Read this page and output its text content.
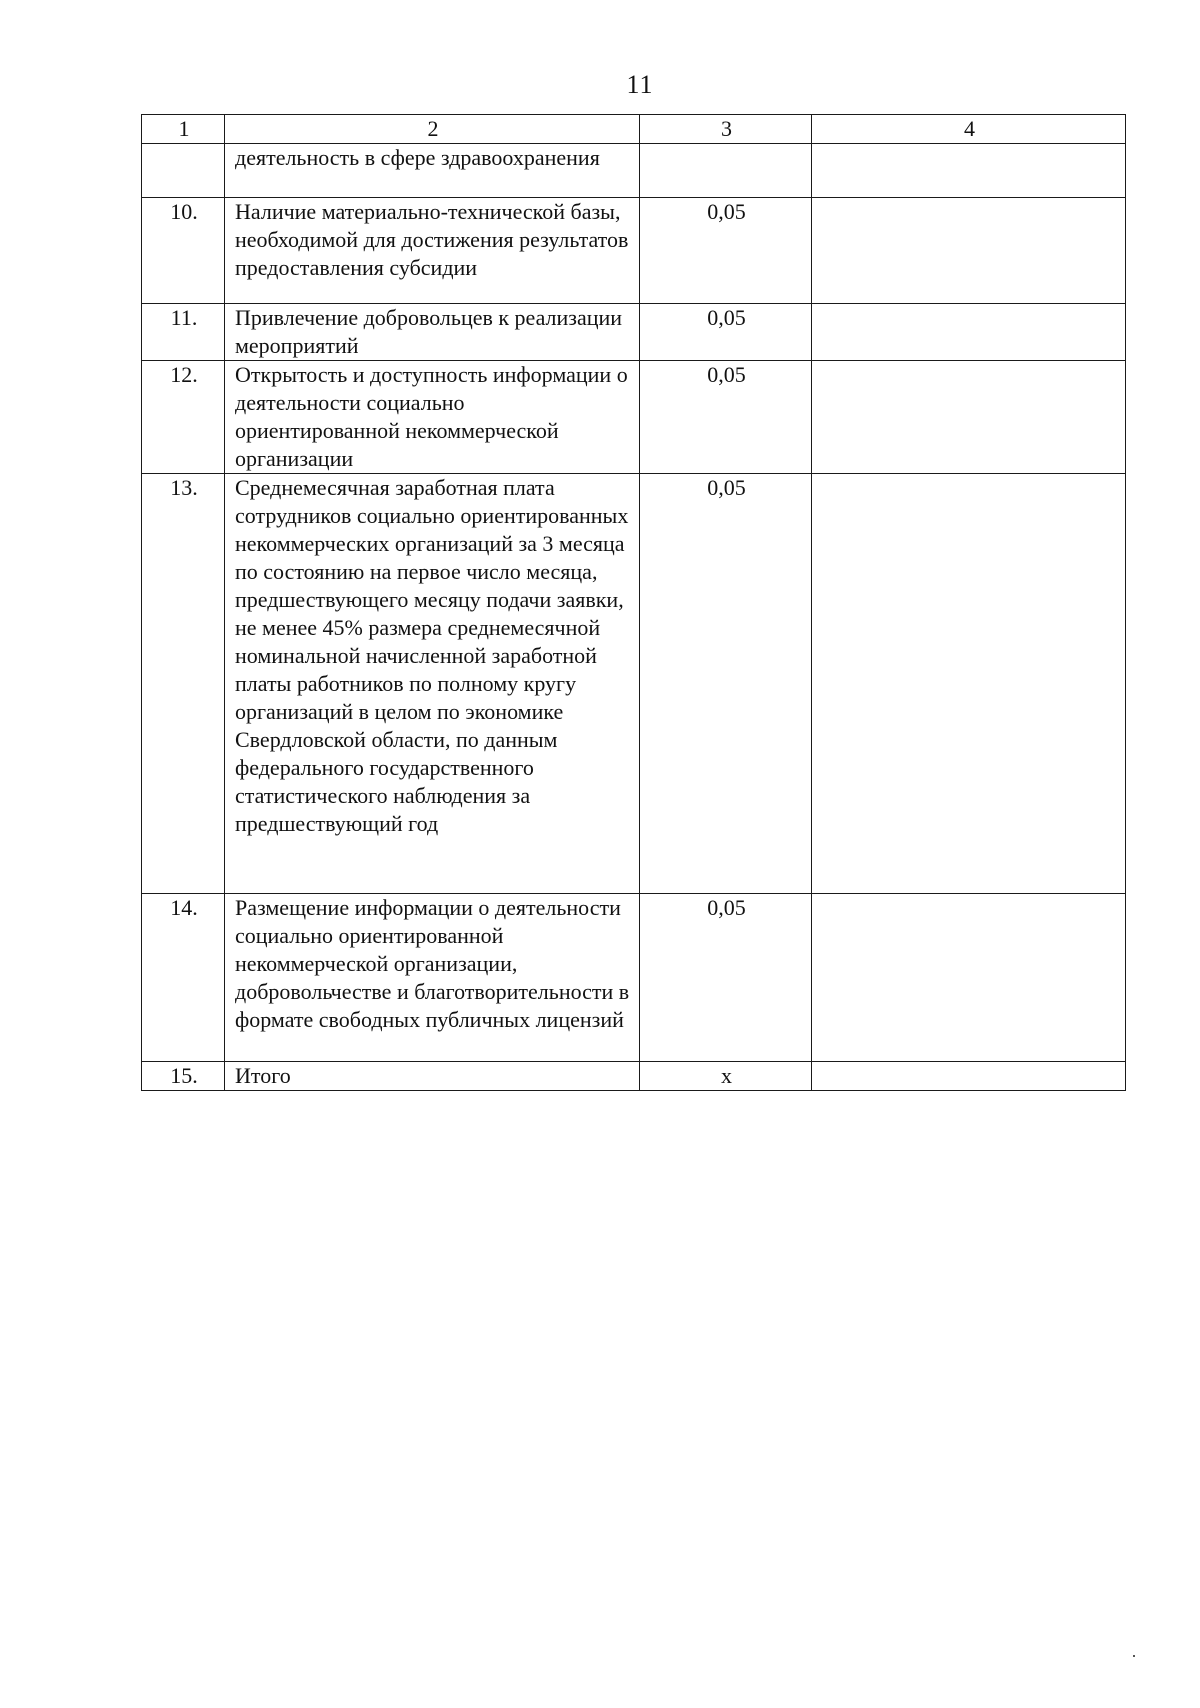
11
1	2	3	4
	деятельность в сфере здравоохранения		
10.	Наличие материально-технической базы, необходимой для достижения результатов предоставления субсидии	0,05	
11.	Привлечение добровольцев к реализации мероприятий	0,05	
12.	Открытость и доступность информации о деятельности социально ориентированной некоммерческой организации	0,05	
13.	Среднемесячная заработная плата сотрудников социально ориентированных некоммерческих организаций за 3 месяца по состоянию на первое число месяца, предшествующего месяцу подачи заявки, не менее 45% размера среднемесячной номинальной начисленной заработной платы работников по полному кругу организаций в целом по экономике Свердловской области, по данным федерального государственного статистического наблюдения за предшествующий год	0,05	
14.	Размещение информации о деятельности социально ориентированной некоммерческой организации, добровольчестве и благотворительности в формате свободных публичных лицензий	0,05	
15.	Итого	x	
